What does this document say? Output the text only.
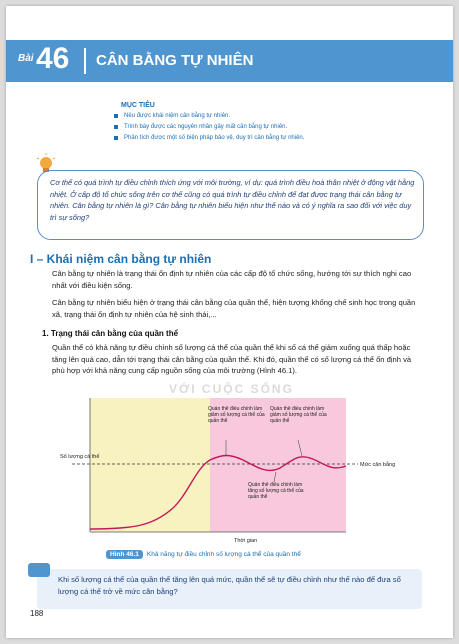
Bài 46 CÂN BẰNG TỰ NHIÊN
MỤC TIÊU
Nêu được khái niệm cân bằng tự nhiên.
Trình bày được các nguyên nhân gây mất cân bằng tự nhiên.
Phân tích được một số biện pháp bảo vệ, duy trì cân bằng tự nhiên.

Cơ thể có quá trình tự điều chỉnh thích ứng với môi trường, ví dụ: quá trình điều hoà thân nhiệt ở động vật hằng nhiệt. Ở cấp độ tổ chức sống trên cơ thể cũng có quá trình tự điều chỉnh để đạt được trạng thái cân bằng tự nhiên. Cân bằng tự nhiên là gì? Cân bằng tự nhiên biểu hiện như thế nào và có ý nghĩa ra sao đối với việc duy trì sự sống?

I – Khái niệm cân bằng tự nhiên

Cân bằng tự nhiên là trạng thái ổn định tự nhiên của các cấp độ tổ chức sống, hướng tới sự thích nghi cao nhất với điều kiện sống.

Cân bằng tự nhiên biểu hiện ở trạng thái cân bằng của quần thể, hiện tượng khống chế sinh học trong quần xã, trạng thái ổn định tự nhiên của hệ sinh thái,...

1. Trạng thái cân bằng của quần thể

Quần thể có khả năng tự điều chỉnh số lượng cá thể của quần thể khi số cá thể giảm xuống quá thấp hoặc tăng lên quá cao, dẫn tới trạng thái cân bằng của quần thể. Khi đó, quần thể có số lượng cá thể ổn định và phù hợp với khả năng cung cấp nguồn sống của môi trường (Hình 46.1).

VỚI CUỘC SỐNG
Số lượng cá thể
Mức cân bằng
Thời gian
Quần thể điều chỉnh làm giảm số lượng cá thể của quần thể
Quần thể điều chỉnh làm giảm số lượng cá thể của quần thể
Quần thể điều chỉnh làm tăng số lượng cá thể của quần thể
Hình 46.1 Khả năng tự điều chỉnh số lượng cá thể của quần thể

Khi số lượng cá thể của quần thể tăng lên quá mức, quần thể sẽ tự điều chỉnh như thế nào để đưa số lượng cá thể trở về mức cân bằng?

188
